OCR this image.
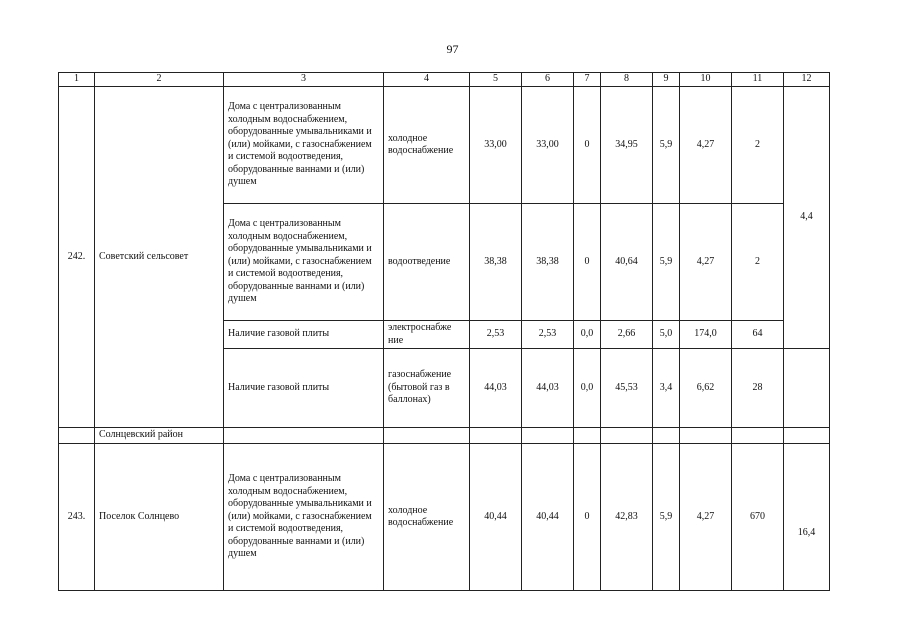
97
1	2	3	4	5	6	7	8	9	10	11	12
242.	Советский сельсовет	Дома с централизованным холодным водоснабжением, оборудованные умывальниками и (или) мойками, с газоснабжением и системой водоотведения, оборудованные ваннами и (или) душем	холодное водоснабжение	33,00	33,00	0	34,95	5,9	4,27	2	4,4
		Дома с централизованным холодным водоснабжением, оборудованные умывальниками и (или) мойками, с газоснабжением и системой водоотведения, оборудованные ваннами и (или) душем	водоотведение	38,38	38,38	0	40,64	5,9	4,27	2	
		Наличие газовой плиты	электроснабже ние	2,53	2,53	0,0	2,66	5,0	174,0	64	
		Наличие газовой плиты	газоснабжение (бытовой газ в баллонах)	44,03	44,03	0,0	45,53	3,4	6,62	28	
	Солнцевский район										
243.	Поселок Солнцево	Дома с централизованным холодным водоснабжением, оборудованные умывальниками и (или) мойками, с газоснабжением и системой водоотведения, оборудованные ваннами и (или) душем	холодное водоснабжение	40,44	40,44	0	42,83	5,9	4,27	670	16,4
